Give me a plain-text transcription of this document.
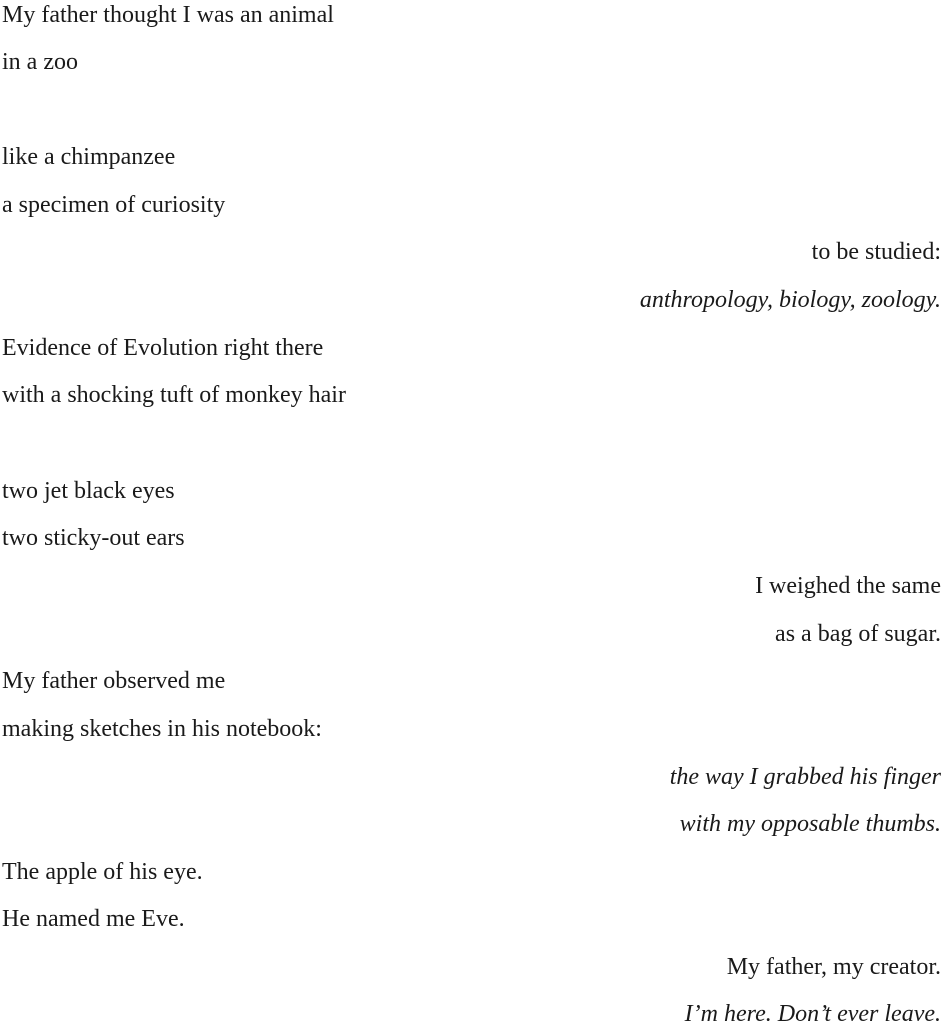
My father thought I was an animal
in a zoo
like a chimpanzee
a specimen of curiosity
to be studied:
anthropology, biology, zoology.
Evidence of Evolution right there
with a shocking tuft of monkey hair
two jet black eyes
two sticky-out ears
I weighed the same
as a bag of sugar.
My father observed me
making sketches in his notebook:
the way I grabbed his finger
with my opposable thumbs.
The apple of his eye.
He named me Eve.
My father, my creator.
I’m here. Don’t ever leave.
